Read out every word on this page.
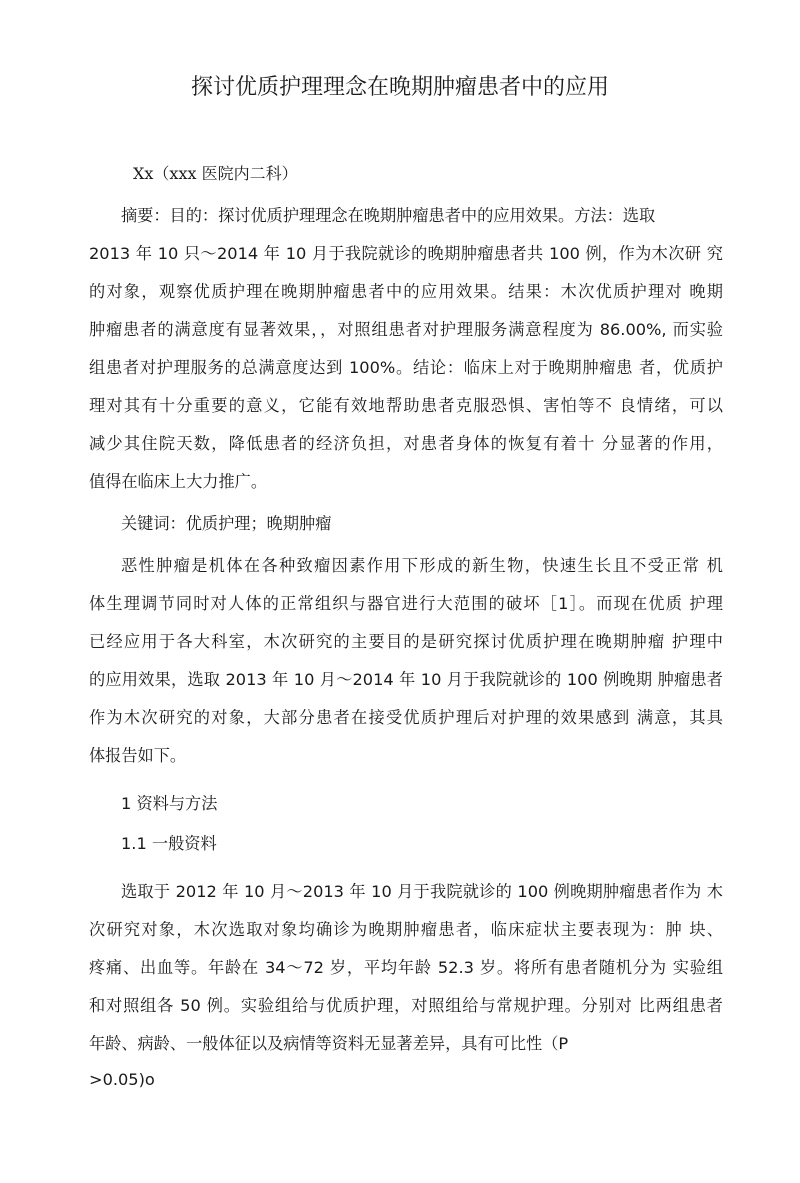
探讨优质护理理念在晚期肿瘤患者中的应用
Xx（xxx 医院内二科）
摘要：目的：探讨优质护理理念在晚期肿瘤患者中的应用效果。方法：选取
2013 年 10 只～2014 年 10 月于我院就诊的晚期肿瘤患者共 100 例，作为木次研 究
的对象，观察优质护理在晚期肿瘤患者中的应用效果。结果：木次优质护理对 晚期
肿瘤患者的满意度有显著效果，，对照组患者对护理服务满意程度为 86.00%, 而实验
组患者对护理服务的总满意度达到 100%。结论：临床上对于晚期肿瘤患 者，优质护
理对其有十分重要的意义，它能有效地帮助患者克服恐惧、害怕等不 良情绪，可以
减少其住院天数，降低患者的经济负担，对患者身体的恢复有着十 分显著的作用，
值得在临床上大力推广。
关键词：优质护理；晚期肿瘤
恶性肿瘤是机体在各种致瘤因素作用下形成的新生物，快速生长且不受正常 机
体生理调节同时对人体的正常组织与器官进行大范围的破坏［1］。而现在优质 护理
已经应用于各大科室，木次研究的主要目的是研究探讨优质护理在晚期肿瘤 护理中
的应用效果，选取 2013 年 10 月～2014 年 10 月于我院就诊的 100 例晚期 肿瘤患者
作为木次研究的对象，大部分患者在接受优质护理后对护理的效果感到 满意，其具
体报告如下。
1 资料与方法
1.1 一般资料
选取于 2012 年 10 月～2013 年 10 月于我院就诊的 100 例晚期肿瘤患者作为 木
次研究对象，木次选取对象均确诊为晚期肿瘤患者，临床症状主要表现为：肿 块、
疼痛、出血等。年龄在 34～72 岁，平均年龄 52.3 岁。将所有患者随机分为 实验组
和对照组各 50 例。实验组给与优质护理，对照组给与常规护理。分别对 比两组患者
年龄、病龄、一般体征以及病情等资料无显著差异，具有可比性（P
>0.05)o
